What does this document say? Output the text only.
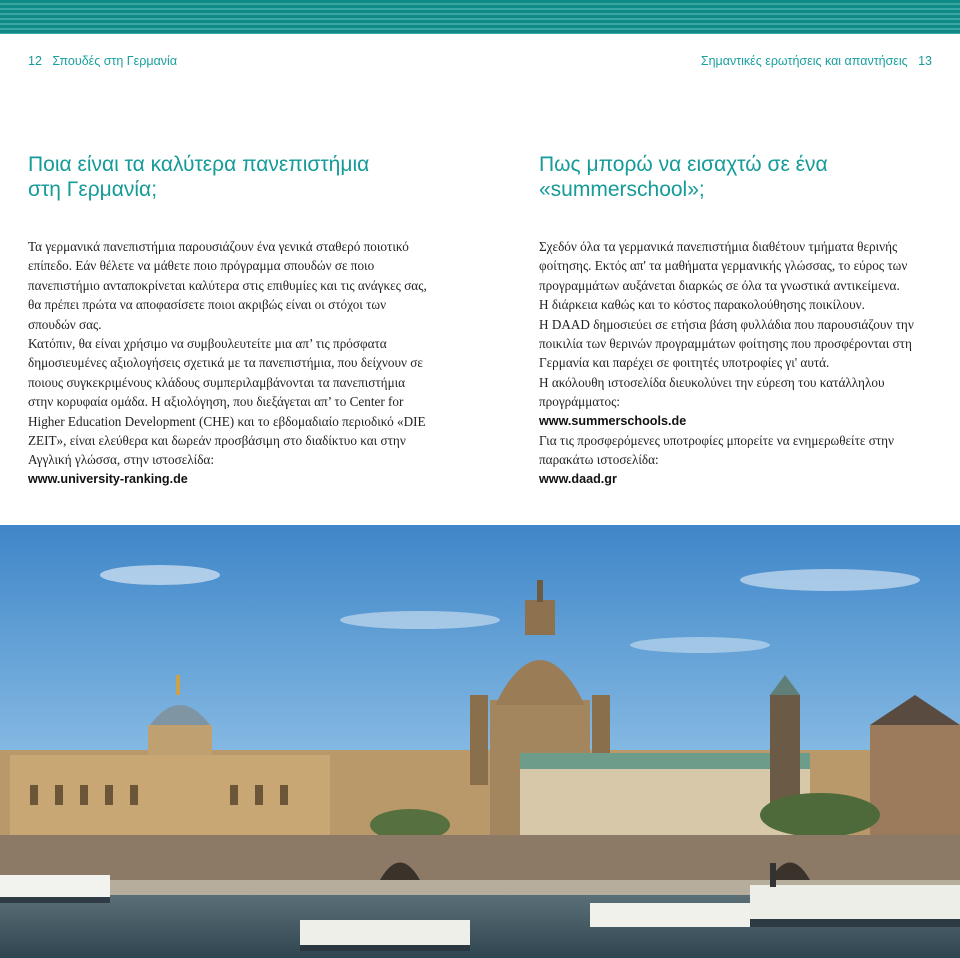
12 Σπουδές στη Γερμανία	Σημαντικές ερωτήσεις και απαντήσεις 13
Ποια είναι τα καλύτερα πανεπιστήμια
στη Γερμανία;
Πως μπορώ να εισαχτώ σε ένα
«summerschool»;

Τα γερμανικά πανεπιστήμια παρουσιάζουν ένα γενικά σταθερό ποιοτικό επίπεδο. Εάν θέλετε να μάθετε ποιο πρόγραμμα σπουδών σε ποιο πανεπιστήμιο ανταποκρίνεται καλύτερα στις επιθυμίες και τις ανάγκες σας, θα πρέπει πρώτα να αποφασίσετε ποιοι ακριβώς είναι οι στόχοι των σπουδών σας.

Κατόπιν, θα είναι χρήσιμο να συμβουλευτείτε μια απ’ τις πρόσφατα δημοσιευμένες αξιολογήσεις σχετικά με τα πανεπιστήμια, που δείχνουν σε ποιους συγκεκριμένους κλάδους συμπεριλαμβάνονται τα πανεπιστήμια στην κορυφαία ομάδα. Η αξιολόγηση, που διεξάγεται απ’ το Center for Higher Education Development (CHE) και το εβδομαδιαίο περιοδικό «DIE ZEIT», είναι ελεύθερα και δωρεάν προσβάσιμη στο διαδίκτυο και στην Αγγλική γλώσσα, στην ιστοσελίδα:

www.university-ranking.de

Σχεδόν όλα τα γερμανικά πανεπιστήμια διαθέτουν τμήματα θερινής φοίτησης. Εκτός απ' τα μαθήματα γερμανικής γλώσσας, το εύρος των προγραμμάτων αυξάνεται διαρκώς σε όλα τα γνωστικά αντικείμενα.

Η διάρκεια καθώς και το κόστος παρακολούθησης ποικίλουν.

Η DAAD δημοσιεύει σε ετήσια βάση φυλλάδια που παρουσιάζουν την ποικιλία των θερινών προγραμμάτων φοίτησης που προσφέρονται στη Γερμανία και παρέχει σε φοιτητές υποτροφίες γι' αυτά.

Η ακόλουθη ιστοσελίδα διευκολύνει την εύρεση του κατάλληλου προγράμματος:

www.summerschools.de

Για τις προσφερόμενες υποτροφίες μπορείτε να ενημερωθείτε στην παρακάτω ιστοσελίδα:

www.daad.gr
